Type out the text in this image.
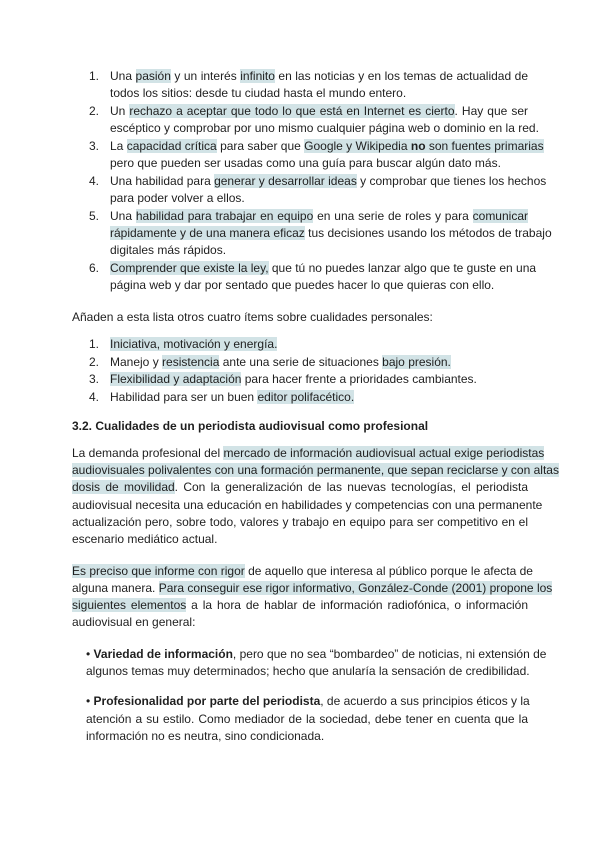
1. Una pasión y un interés infinito en las noticias y en los temas de actualidad de
todos los sitios: desde tu ciudad hasta el mundo entero.
2. Un rechazo a aceptar que todo lo que está en Internet es cierto. Hay que ser
escéptico y comprobar por uno mismo cualquier página web o dominio en la red.
3. La capacidad crítica para saber que Google y Wikipedia no son fuentes primarias
pero que pueden ser usadas como una guía para buscar algún dato más.
4. Una habilidad para generar y desarrollar ideas y comprobar que tienes los hechos
para poder volver a ellos.
5. Una habilidad para trabajar en equipo en una serie de roles y para comunicar
rápidamente y de una manera eficaz tus decisiones usando los métodos de trabajo
digitales más rápidos.
6. Comprender que existe la ley, que tú no puedes lanzar algo que te guste en una
página web y dar por sentado que puedes hacer lo que quieras con ello.
Añaden a esta lista otros cuatro ítems sobre cualidades personales:
1. Iniciativa, motivación y energía.
2. Manejo y resistencia ante una serie de situaciones bajo presión.
3. Flexibilidad y adaptación para hacer frente a prioridades cambiantes.
4. Habilidad para ser un buen editor polifacético.
3.2. Cualidades de un periodista audiovisual como profesional
La demanda profesional del mercado de información audiovisual actual exige periodistas
audiovisuales polivalentes con una formación permanente, que sepan reciclarse y con altas
dosis de movilidad. Con la generalización de las nuevas tecnologías, el periodista
audiovisual necesita una educación en habilidades y competencias con una permanente
actualización pero, sobre todo, valores y trabajo en equipo para ser competitivo en el
escenario mediático actual.
Es preciso que informe con rigor de aquello que interesa al público porque le afecta de
alguna manera. Para conseguir ese rigor informativo, González-Conde (2001) propone los
siguientes elementos a la hora de hablar de información radiofónica, o información
audiovisual en general:
• Variedad de información, pero que no sea “bombardeo” de noticias, ni extensión de
algunos temas muy determinados; hecho que anularía la sensación de credibilidad.
• Profesionalidad por parte del periodista, de acuerdo a sus principios éticos y la
atención a su estilo. Como mediador de la sociedad, debe tener en cuenta que la
información no es neutra, sino condicionada.
